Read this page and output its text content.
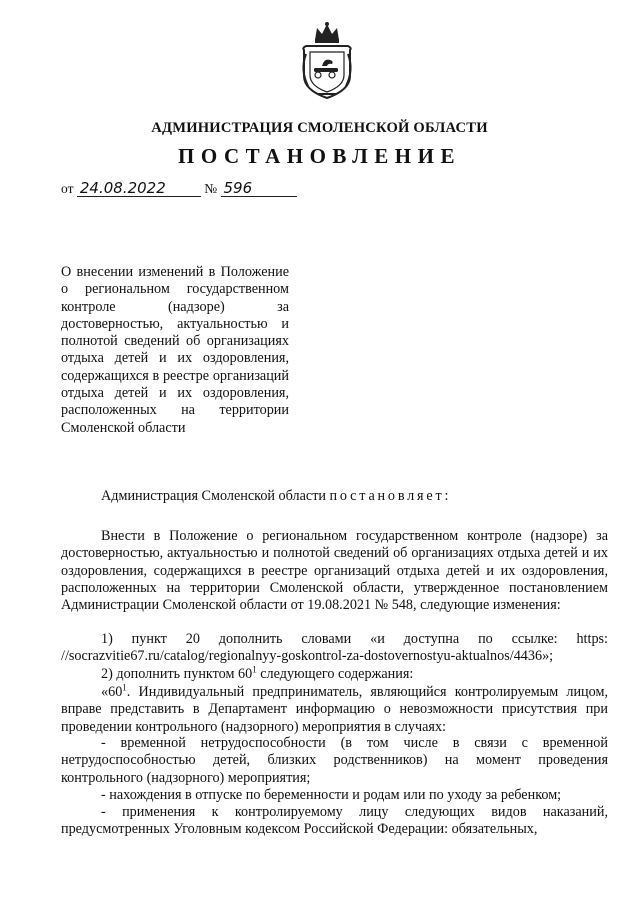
АДМИНИСТРАЦИЯ СМОЛЕНСКОЙ ОБЛАСТИ
ПОСТАНОВЛЕНИЕ
от 24.08.2022	№ 596
О внесении изменений в Положение о региональном государственном контроле (надзоре) за достоверностью, актуальностью и полнотой сведений об организациях отдыха детей и их оздоровления, содержащихся в реестре организаций отдыха детей и их оздоровления, расположенных на территории Смоленской области
Администрация Смоленской области постановляет:
Внести в Положение о региональном государственном контроле (надзоре) за достоверностью, актуальностью и полнотой сведений об организациях отдыха детей и их оздоровления, содержащихся в реестре организаций отдыха детей и их оздоровления, расположенных на территории Смоленской области, утвержденное постановлением Администрации Смоленской области от 19.08.2021 № 548, следующие изменения:
1) пункт 20 дополнить словами «и доступна по ссылке: https: //socrazvitie67.ru/catalog/regionalnyy-goskontrol-za-dostovernostyu-aktualnos/4436»;
2) дополнить пунктом $60^1$ следующего содержания:
«$60^1$. Индивидуальный предприниматель, являющийся контролируемым лицом, вправе представить в Департамент информацию о невозможности присутствия при проведении контрольного (надзорного) мероприятия в случаях:
- временной нетрудоспособности (в том числе в связи с временной нетрудоспособностью детей, близких родственников) на момент проведения контрольного (надзорного) мероприятия;
- нахождения в отпуске по беременности и родам или по уходу за ребенком;
- применения к контролируемому лицу следующих видов наказаний, предусмотренных Уголовным кодексом Российской Федерации: обязательных,
